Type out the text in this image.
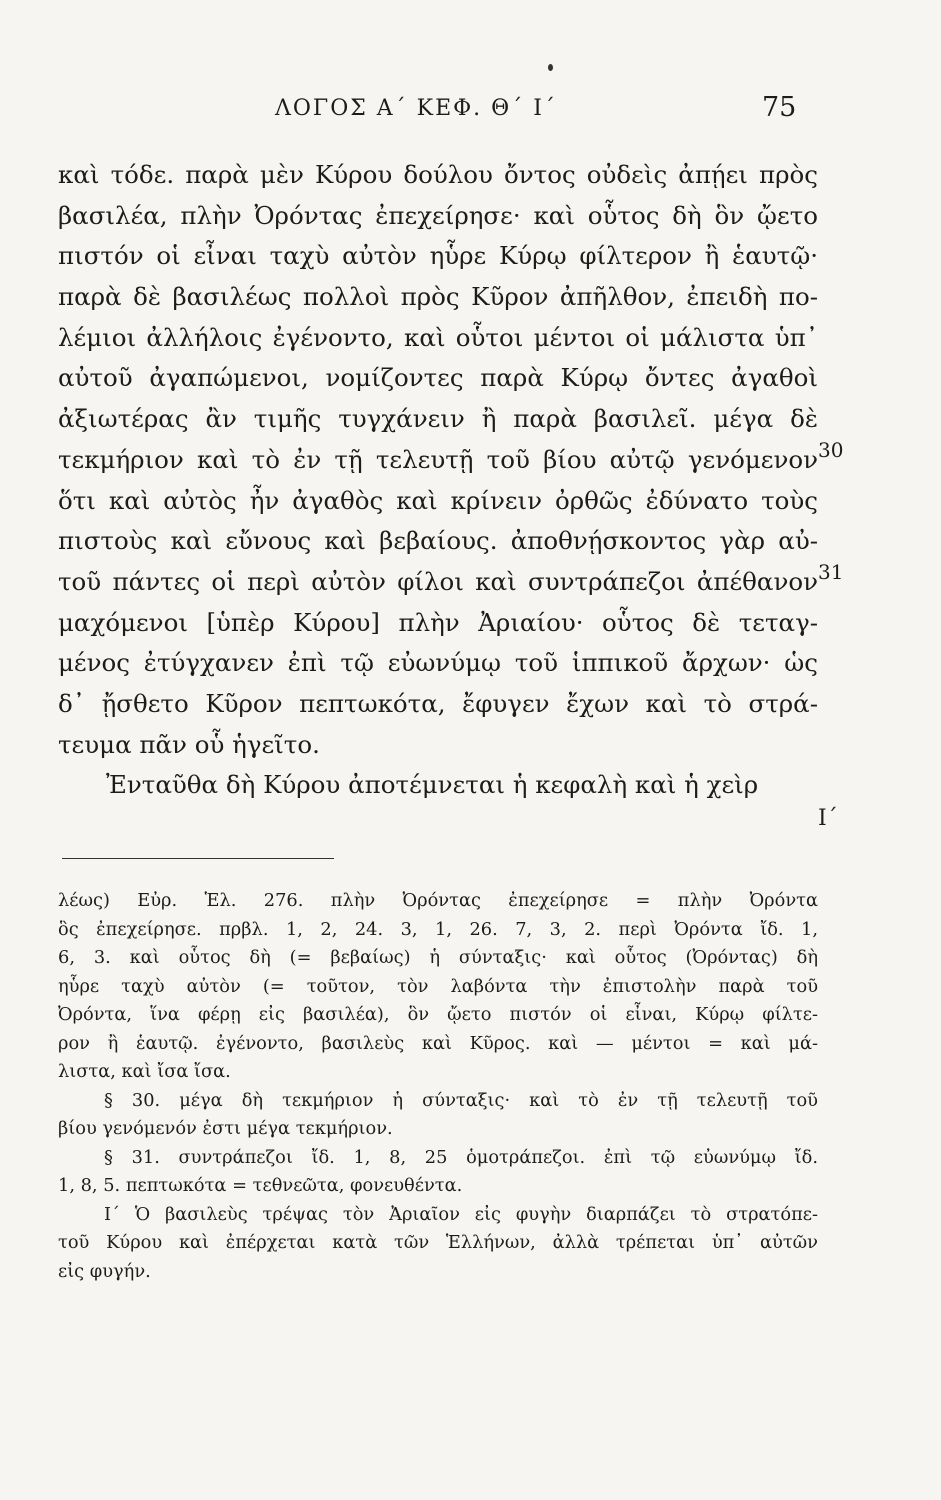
ΛΟΓΟΣ Α΄ ΚΕΦ. Θ΄ Ι΄	75
καὶ τόδε. παρὰ μὲν Κύρου δούλου ὄντος οὐδεὶς ἀπῄει πρὸς
βασιλέα, πλὴν Ὀρόντας ἐπεχείρησε· καὶ οὗτος δὴ ὃν ᾤετο
πιστόν οἱ εἶναι ταχὺ αὐτὸν ηὗρε Κύρῳ φίλτερον ἢ ἑαυτῷ·
παρὰ δὲ βασιλέως πολλοὶ πρὸς Κῦρον ἀπῆλθον, ἐπειδὴ πο-
λέμιοι ἀλλήλοις ἐγένοντο, καὶ οὗτοι μέντοι οἱ μάλιστα ὑπ᾽
αὐτοῦ ἀγαπώμενοι, νομίζοντες παρὰ Κύρῳ ὄντες ἀγαθοὶ
ἀξιωτέρας ἂν τιμῆς τυγχάνειν ἢ παρὰ βασιλεῖ. μέγα δὲ
τεκμήριον καὶ τὸ ἐν τῇ τελευτῇ τοῦ βίου αὐτῷ γενόμενον
ὅτι καὶ αὐτὸς ἦν ἀγαθὸς καὶ κρίνειν ὀρθῶς ἐδύνατο τοὺς
πιστοὺς καὶ εὔνους καὶ βεβαίους. ἀποθνῄσκοντος γὰρ αὐ-
τοῦ πάντες οἱ περὶ αὐτὸν φίλοι καὶ συντράπεζοι ἀπέθανον
μαχόμενοι [ὑπὲρ Κύρου] πλὴν Ἀριαίου· οὗτος δὲ τεταγ-
μένος ἐτύγχανεν ἐπὶ τῷ εὐωνύμῳ τοῦ ἱππικοῦ ἄρχων· ὡς
δ᾽ ᾔσθετο Κῦρον πεπτωκότα, ἔφυγεν ἔχων καὶ τὸ στρά-
τευμα πᾶν οὗ ἡγεῖτο.
Ἐνταῦθα δὴ Κύρου ἀποτέμνεται ἡ κεφαλὴ καὶ ἡ χεὶρ
30
31
Ι΄
λέως) Εὐρ. Ἑλ. 276. πλὴν Ὀρόντας ἐπεχείρησε = πλὴν Ὀρόντα
ὃς ἐπεχείρησε. πρβλ. 1, 2, 24. 3, 1, 26. 7, 3, 2. περὶ Ὀρόντα ἴδ. 1,
6, 3. καὶ οὗτος δὴ (= βεβαίως) ἡ σύνταξις· καὶ οὗτος (Ὀρόντας) δὴ
ηὗρε ταχὺ αὐτὸν (= τοῦτον, τὸν λαβόντα τὴν ἐπιστολὴν παρὰ τοῦ
Ὀρόντα, ἵνα φέρῃ εἰς βασιλέα), ὃν ᾤετο πιστόν οἱ εἶναι, Κύρῳ φίλτε-
ρον ἢ ἑαυτῷ. ἐγένοντο, βασιλεὺς καὶ Κῦρος. καὶ — μέντοι = καὶ μά-
λιστα, καὶ ἴσα ἴσα.
§ 30. μέγα δὴ τεκμήριον ἡ σύνταξις· καὶ τὸ ἐν τῇ τελευτῇ τοῦ
βίου γενόμενόν ἐστι μέγα τεκμήριον.
§ 31. συντράπεζοι ἴδ. 1, 8, 25 ὁμοτράπεζοι. ἐπὶ τῷ εὐωνύμῳ ἴδ.
1, 8, 5. πεπτωκότα = τεθνεῶτα, φονευθέντα.
Ι΄ Ὁ βασιλεὺς τρέψας τὸν Ἀριαῖον εἰς φυγὴν διαρπάζει τὸ στρατόπε-
τοῦ Κύρου καὶ ἐπέρχεται κατὰ τῶν Ἑλλήνων, ἀλλὰ τρέπεται ὑπ᾽ αὐτῶν
εἰς φυγήν.
